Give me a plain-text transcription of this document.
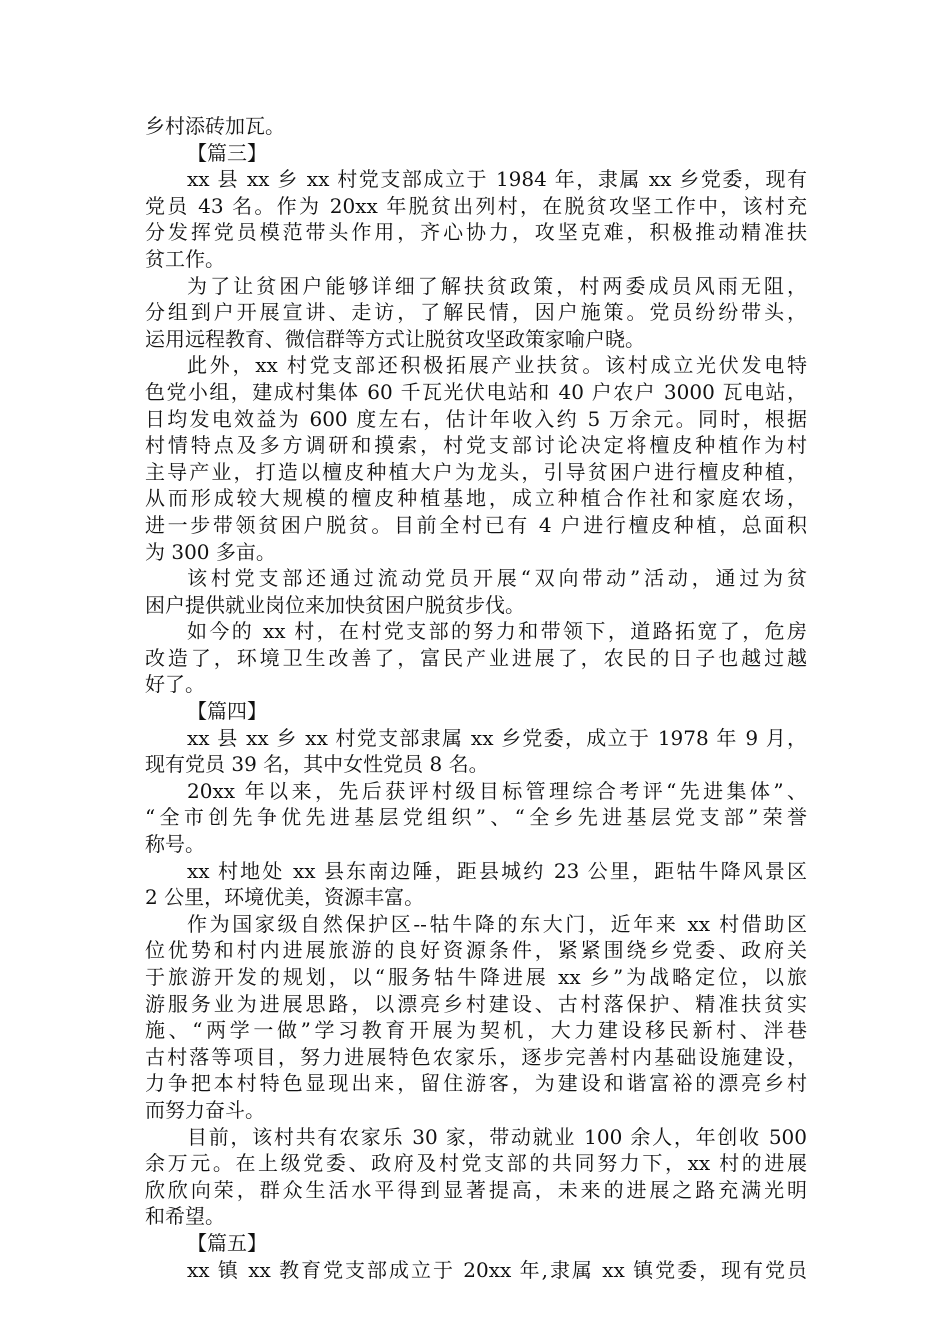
乡村添砖加瓦。
【篇三】
xx 县 xx 乡 xx 村党支部成立于 1984 年，隶属 xx 乡党委，现有
党员 43 名。作为 20xx 年脱贫出列村，在脱贫攻坚工作中，该村充
分发挥党员模范带头作用，齐心协力，攻坚克难，积极推动精准扶
贫工作。
为了让贫困户能够详细了解扶贫政策，村两委成员风雨无阻，
分组到户开展宣讲、走访，了解民情，因户施策。党员纷纷带头，
运用远程教育、微信群等方式让脱贫攻坚政策家喻户晓。
此外，xx 村党支部还积极拓展产业扶贫。该村成立光伏发电特
色党小组，建成村集体 60 千瓦光伏电站和 40 户农户 3000 瓦电站，
日均发电效益为 600 度左右，估计年收入约 5 万余元。同时，根据
村情特点及多方调研和摸索，村党支部讨论决定将檀皮种植作为村
主导产业，打造以檀皮种植大户为龙头，引导贫困户进行檀皮种植，
从而形成较大规模的檀皮种植基地，成立种植合作社和家庭农场，
进一步带领贫困户脱贫。目前全村已有 4 户进行檀皮种植，总面积
为 300 多亩。
该村党支部还通过流动党员开展“双向带动”活动，通过为贫
困户提供就业岗位来加快贫困户脱贫步伐。
如今的 xx 村，在村党支部的努力和带领下，道路拓宽了，危房
改造了，环境卫生改善了，富民产业进展了，农民的日子也越过越
好了。
【篇四】
xx 县 xx 乡 xx 村党支部隶属 xx 乡党委，成立于 1978 年 9 月，
现有党员 39 名，其中女性党员 8 名。
20xx 年以来，先后获评村级目标管理综合考评“先进集体”、
“全市创先争优先进基层党组织”、“全乡先进基层党支部”荣誉
称号。
xx 村地处 xx 县东南边陲，距县城约 23 公里，距牯牛降风景区
2 公里，环境优美，资源丰富。
作为国家级自然保护区--牯牛降的东大门，近年来 xx 村借助区
位优势和村内进展旅游的良好资源条件，紧紧围绕乡党委、政府关
于旅游开发的规划，以“服务牯牛降进展 xx 乡”为战略定位，以旅
游服务业为进展思路，以漂亮乡村建设、古村落保护、精准扶贫实
施、“两学一做”学习教育开展为契机，大力建设移民新村、泮巷
古村落等项目，努力进展特色农家乐，逐步完善村内基础设施建设，
力争把本村特色显现出来，留住游客，为建设和谐富裕的漂亮乡村
而努力奋斗。
目前，该村共有农家乐 30 家，带动就业 100 余人，年创收 500
余万元。在上级党委、政府及村党支部的共同努力下，xx 村的进展
欣欣向荣，群众生活水平得到显著提高，未来的进展之路充满光明
和希望。
【篇五】
xx 镇 xx 教育党支部成立于 20xx 年,隶属 xx 镇党委，现有党员
